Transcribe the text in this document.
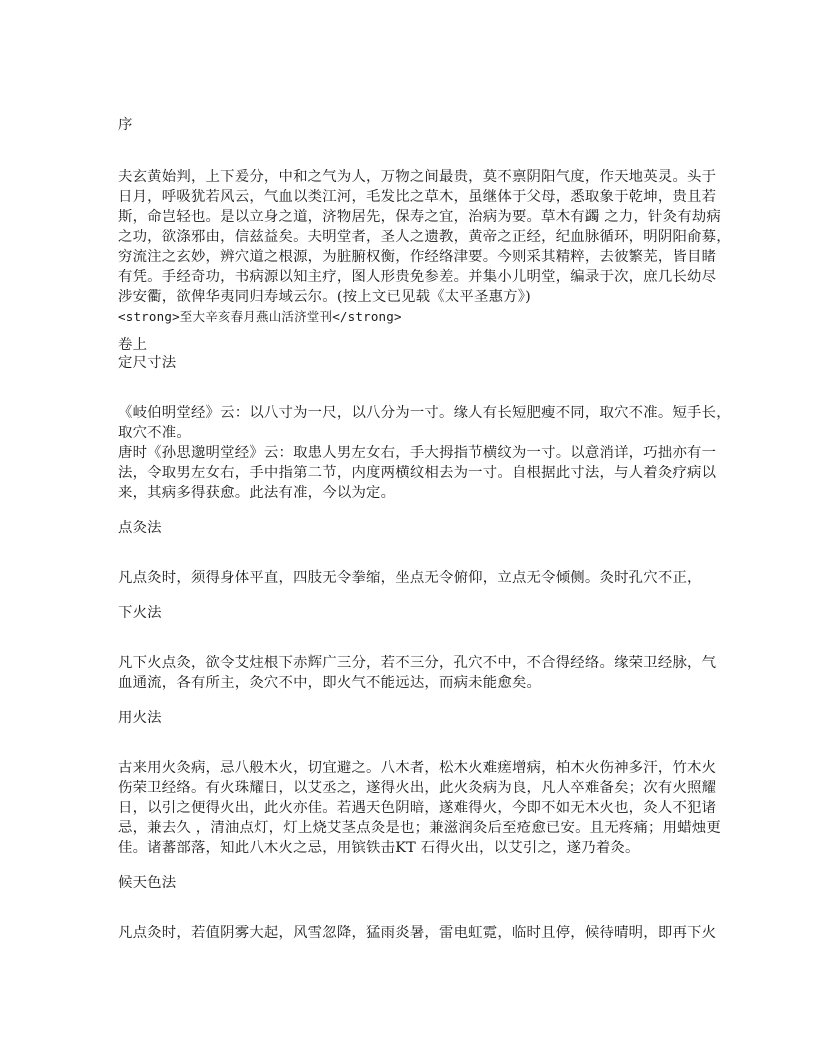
序
夫玄黄始判，上下爰分，中和之气为人，万物之间最贵，莫不禀阴阳气度，作天地英灵。头于
日月，呼吸犹若风云，气血以类江河，毛发比之草木，虽继体于父母，悉取象于乾坤，贵且若
斯，命岂轻也。是以立身之道，济物居先，保寿之宜，治病为要。草木有蠲 之力，针灸有劫病
之功，欲涤邪由，信兹益矣。夫明堂者，圣人之遗教，黄帝之正经，纪血脉循环，明阴阳俞募，
穷流注之玄妙，辨穴道之根源，为脏腑权衡，作经络津要。今则采其精粹，去彼繁芜，皆目睹
有凭。手经奇功，书病源以知主疗，图人形贵免参差。并集小儿明堂，编录于次，庶几长幼尽
涉安衢，欲俾华夷同归寿域云尔。(按上文已见载《太平圣惠方》)
<strong>至大辛亥春月燕山活济堂刊</strong>
卷上
定尺寸法
《岐伯明堂经》云：以八寸为一尺，以八分为一寸。缘人有长短肥瘦不同，取穴不准。短手长，
取穴不准。
唐时《孙思邈明堂经》云：取患人男左女右，手大拇指节横纹为一寸。以意消详，巧拙亦有一
法，令取男左女右，手中指第二节，内度两横纹相去为一寸。自根据此寸法，与人着灸疗病以
来，其病多得获愈。此法有准，今以为定。
点灸法
凡点灸时，须得身体平直，四肢无令拳缩，坐点无令俯仰，立点无令倾侧。灸时孔穴不正，
下火法
凡下火点灸，欲令艾炷根下赤辉广三分，若不三分，孔穴不中，不合得经络。缘荣卫经脉，气
血通流，各有所主，灸穴不中，即火气不能远达，而病未能愈矣。
用火法
古来用火灸病，忌八般木火，切宜避之。八木者，松木火难瘥增病，柏木火伤神多汗，竹木火
伤荣卫经络。有火珠耀日，以艾丞之，遂得火出，此火灸病为良，凡人卒难备矣；次有火照耀
日，以引之便得火出，此火亦佳。若遇天色阴暗，遂难得火，今即不如无木火也，灸人不犯诸
忌，兼去久 ，清油点灯，灯上烧艾茎点灸是也；兼滋润灸后至疮愈已安。且无疼痛；用蜡烛更
佳。诸蕃部落，知此八木火之忌，用镔铁击KT 石得火出，以艾引之，遂乃着灸。
候天色法
凡点灸时，若值阴雾大起，风雪忽降，猛雨炎暑，雷电虹霓，临时且停，候待晴明，即再下火
